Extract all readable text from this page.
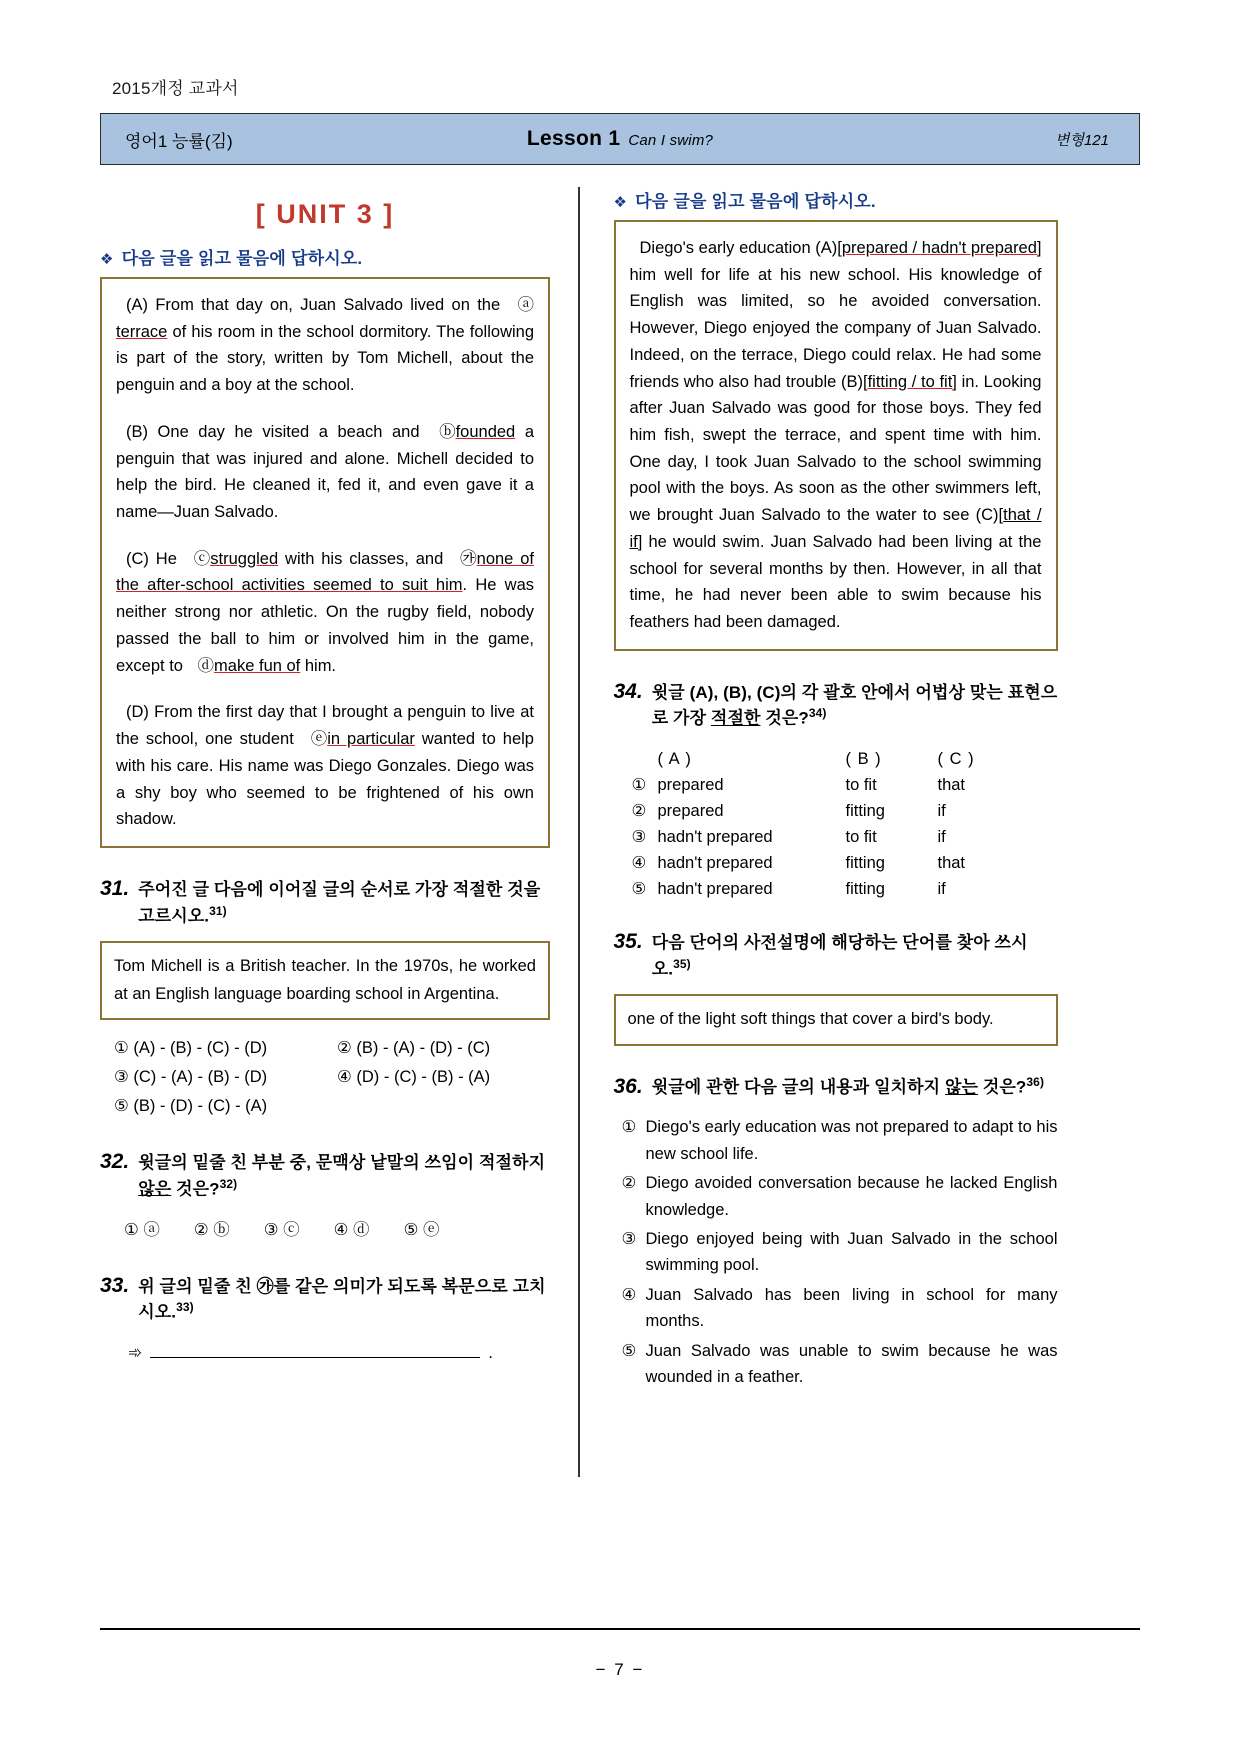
2015개정 교과서
영어1 능률(김)	Lesson 1 Can I swim?	변형121
[ UNIT 3 ]
❖ 다음 글을 읽고 물음에 답하시오.

(A) From that day on, Juan Salvado lived on the ⓐterrace of his room in the school dormitory. The following is part of the story, written by Tom Michell, about the penguin and a boy at the school.

(B) One day he visited a beach and ⓑfounded a penguin that was injured and alone. Michell decided to help the bird. He cleaned it, fed it, and even gave it a name—Juan Salvado.

(C) He ⓒstruggled with his classes, and ㉮none of the after-school activities seemed to suit him. He was neither strong nor athletic. On the rugby field, nobody passed the ball to him or involved him in the game, except to ⓓmake fun of him.

(D) From the first day that I brought a penguin to live at the school, one student ⓔin particular wanted to help with his care. His name was Diego Gonzales. Diego was a shy boy who seemed to be frightened of his own shadow.

31. 주어진 글 다음에 이어질 글의 순서로 가장 적절한 것을 고르시오.$^{31)}$
Tom Michell is a British teacher. In the 1970s, he worked at an English language boarding school in Argentina.
① (A) - (B) - (C) - (D)	② (B) - (A) - (D) - (C)
③ (C) - (A) - (B) - (D)	④ (D) - (C) - (B) - (A)
⑤ (B) - (D) - (C) - (A)
32. 윗글의 밑줄 친 부분 중, 문맥상 낱말의 쓰임이 적절하지 않은 것은?$^{32)}$
① ⓐ ② ⓑ ③ ⓒ ④ ⓓ ⑤ ⓔ
33. 위 글의 밑줄 친 ㉮를 같은 의미가 되도록 복문으로 고치시오.$^{33)}$
➾	.
❖ 다음 글을 읽고 물음에 답하시오.

Diego's early education (A)[prepared / hadn't prepared] him well for life at his new school. His knowledge of English was limited, so he avoided conversation. However, Diego enjoyed the company of Juan Salvado. Indeed, on the terrace, Diego could relax. He had some friends who also had trouble (B)[fitting / to fit] in. Looking after Juan Salvado was good for those boys. They fed him fish, swept the terrace, and spent time with him. One day, I took Juan Salvado to the school swimming pool with the boys. As soon as the other swimmers left, we brought Juan Salvado to the water to see (C)[that / if] he would swim. Juan Salvado had been living at the school for several months by then. However, in all that time, he had never been able to swim because his feathers had been damaged.

34. 윗글 (A), (B), (C)의 각 괄호 안에서 어법상 맞는 표현으로 가장 적절한 것은?$^{34)}$
( A )	( B )	( C )
① prepared	to fit	that
② prepared	fitting	if
③ hadn't prepared	to fit	if
④ hadn't prepared	fitting	that
⑤ hadn't prepared	fitting	if
35. 다음 단어의 사전설명에 해당하는 단어를 찾아 쓰시오.$^{35)}$
one of the light soft things that cover a bird's body.
36. 윗글에 관한 다음 글의 내용과 일치하지 않는 것은?$^{36)}$
① Diego's early education was not prepared to adapt to his new school life.
② Diego avoided conversation because he lacked English knowledge.
③ Diego enjoyed being with Juan Salvado in the school swimming pool.
④ Juan Salvado has been living in school for many months.
⑤ Juan Salvado was unable to swim because he was wounded in a feather.
− 7 −
